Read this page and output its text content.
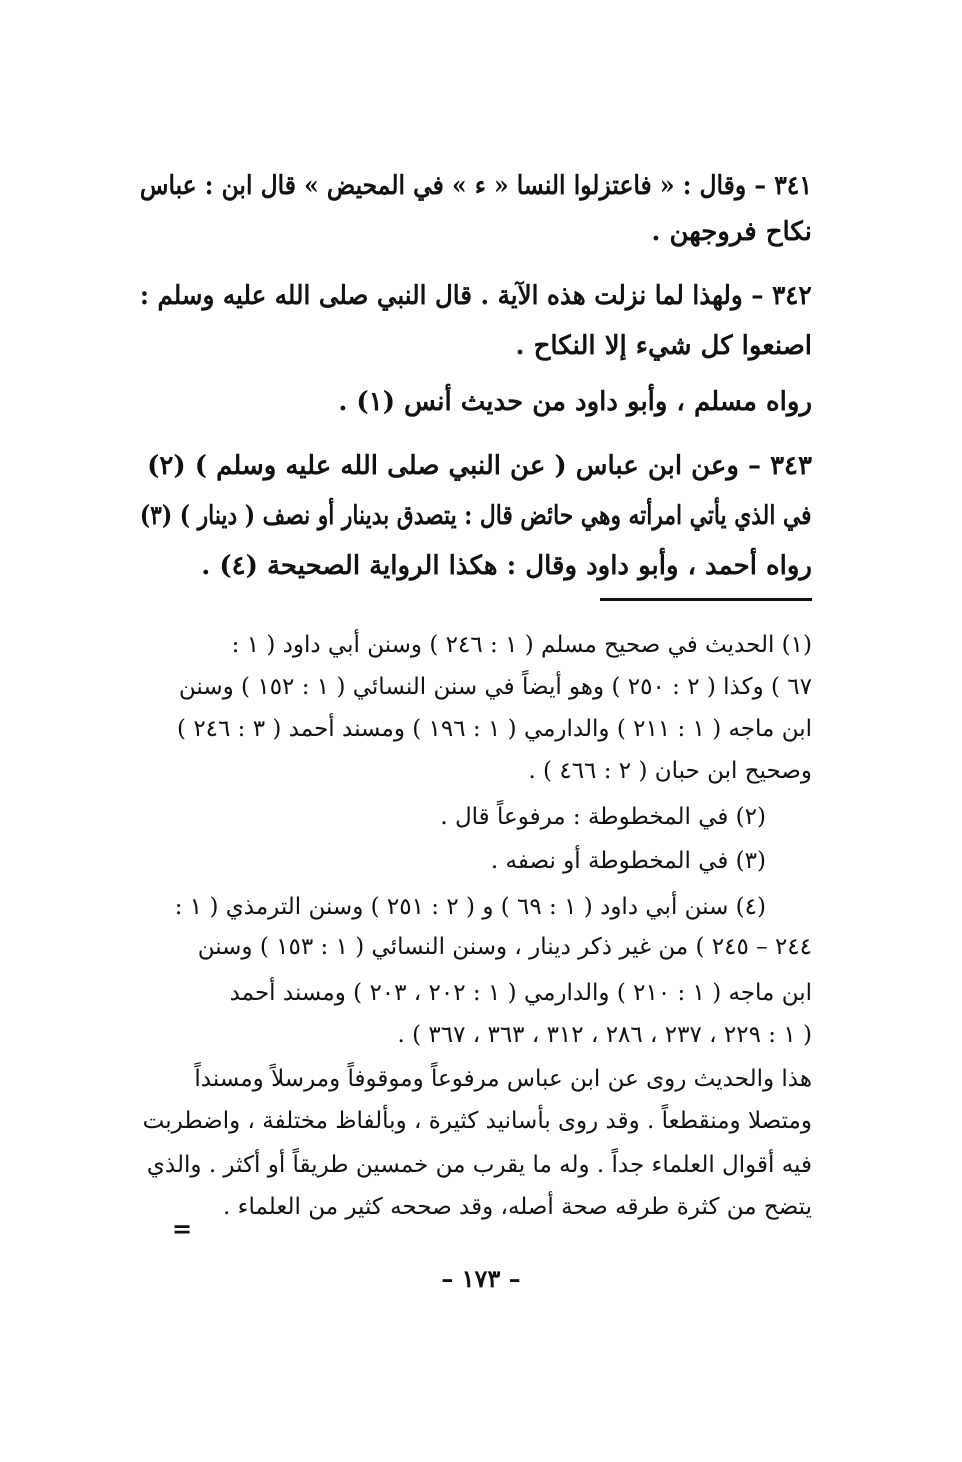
٣٤١ – وقال : « فاعتزلوا النسا « ء » في المحيض » قال ابن : عباس
نكاح فروجهن .
٣٤٢ – ولهذا لما نزلت هذه الآية . قال النبي صلى الله عليه وسلم :
اصنعوا كل شيء إلا النكاح .
رواه مسلم ، وأبو داود من حديث أنس (١) .
٣٤٣ – وعن ابن عباس ( عن النبي صلى الله عليه وسلم ) (٢)
في الذي يأتي امرأته وهي حائض قال : يتصدق بدينار أو نصف ( دينار ) (٣)
رواه أحمد ، وأبو داود وقال : هكذا الرواية الصحيحة (٤) .
(١) الحديث في صحيح مسلم ( ١ : ٢٤٦ ) وسنن أبي داود ( ١ :
٦٧ ) وكذا ( ٢ : ٢٥٠ ) وهو أيضاً في سنن النسائي ( ١ : ١٥٢ ) وسنن
ابن ماجه ( ١ : ٢١١ ) والدارمي ( ١ : ١٩٦ ) ومسند أحمد ( ٣ : ٢٤٦ )
وصحيح ابن حبان ( ٢ : ٤٦٦ ) .
(٢) في المخطوطة : مرفوعاً قال .
(٣) في المخطوطة أو نصفه .
(٤) سنن أبي داود ( ١ : ٦٩ ) و ( ٢ : ٢٥١ ) وسنن الترمذي ( ١ :
٢٤٤ – ٢٤٥ ) من غير ذكر دينار ، وسنن النسائي ( ١ : ١٥٣ ) وسنن
ابن ماجه ( ١ : ٢١٠ ) والدارمي ( ١ : ٢٠٢ ، ٢٠٣ ) ومسند أحمد
( ١ : ٢٢٩ ، ٢٣٧ ، ٢٨٦ ، ٣١٢ ، ٣٦٣ ، ٣٦٧ ) .
هذا والحديث روى عن ابن عباس مرفوعاً وموقوفاً ومرسلاً ومسنداً
ومتصلا ومنقطعاً . وقد روى بأسانيد كثيرة ، وبألفاظ مختلفة ، واضطربت
فيه أقوال العلماء جداً . وله ما يقرب من خمسين طريقاً أو أكثر . والذي
يتضح من كثرة طرقه صحة أصله، وقد صححه كثير من العلماء .
=
– ١٧٣ –
